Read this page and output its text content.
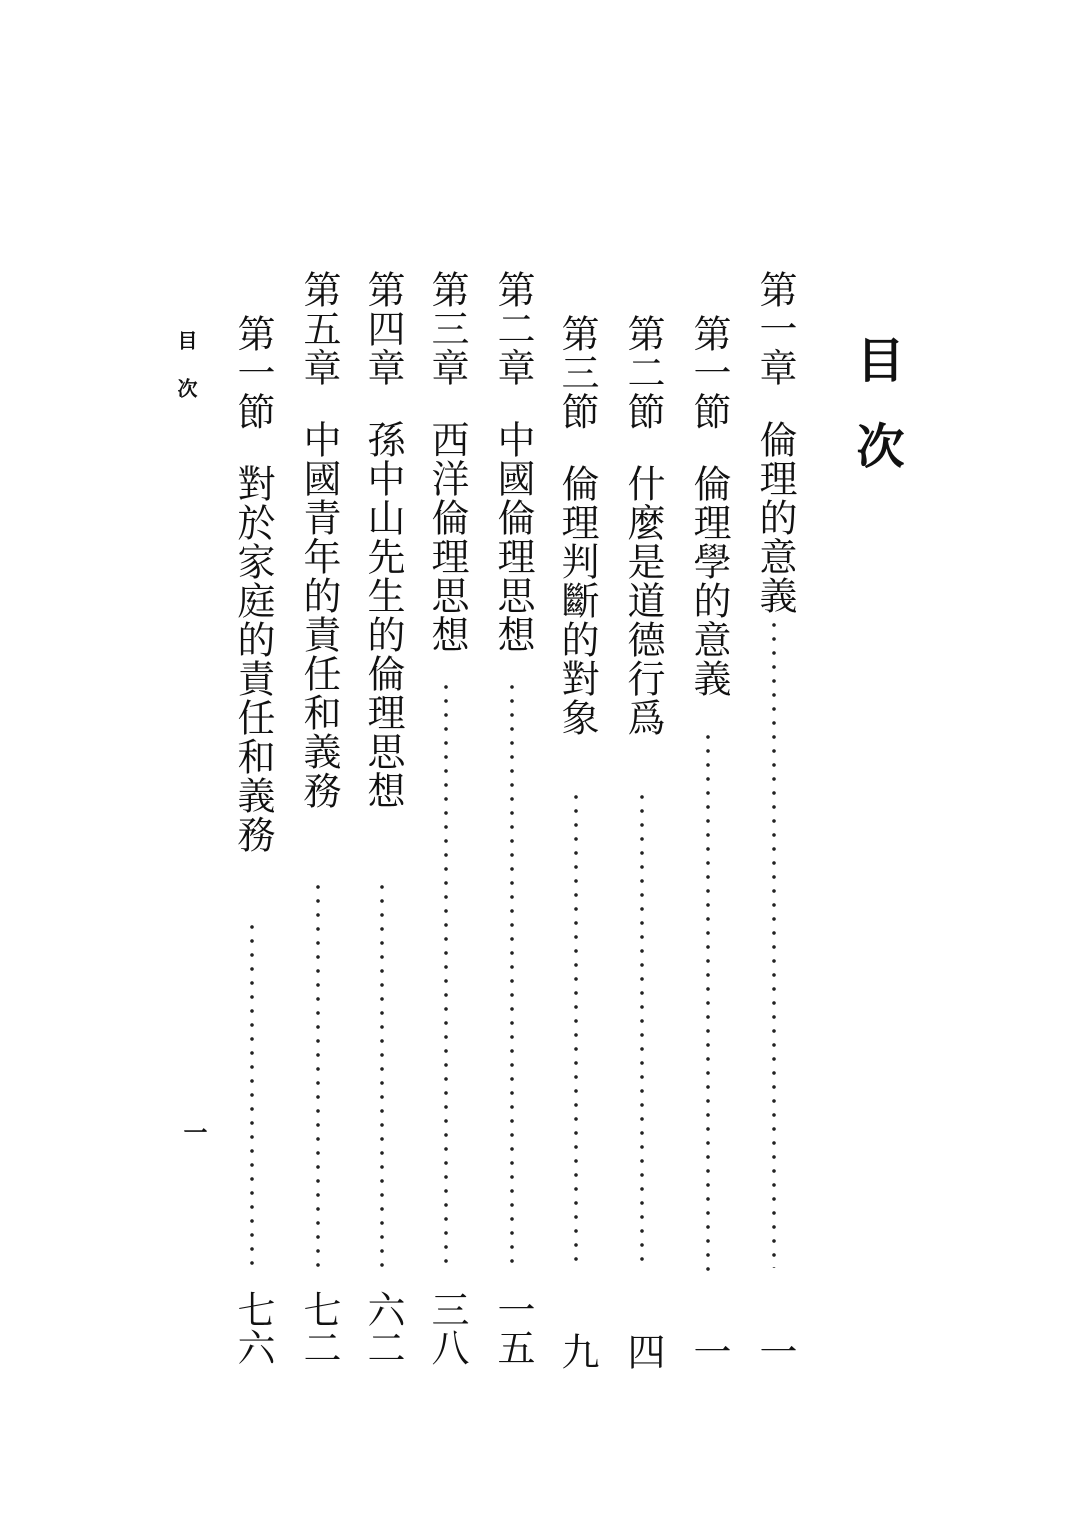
目次
第一章
倫理的意義
一
第一節
倫理學的意義
一
第二節
什麼是道德行爲
四
第三節
倫理判斷的對象
九
第二章
中國倫理思想
一五
第三章
西洋倫理思想
三八
第四章
孫中山先生的倫理思想
六二
第五章
中國青年的責任和義務
七二
第一節
對於家庭的責任和義務
七六
目次
一
